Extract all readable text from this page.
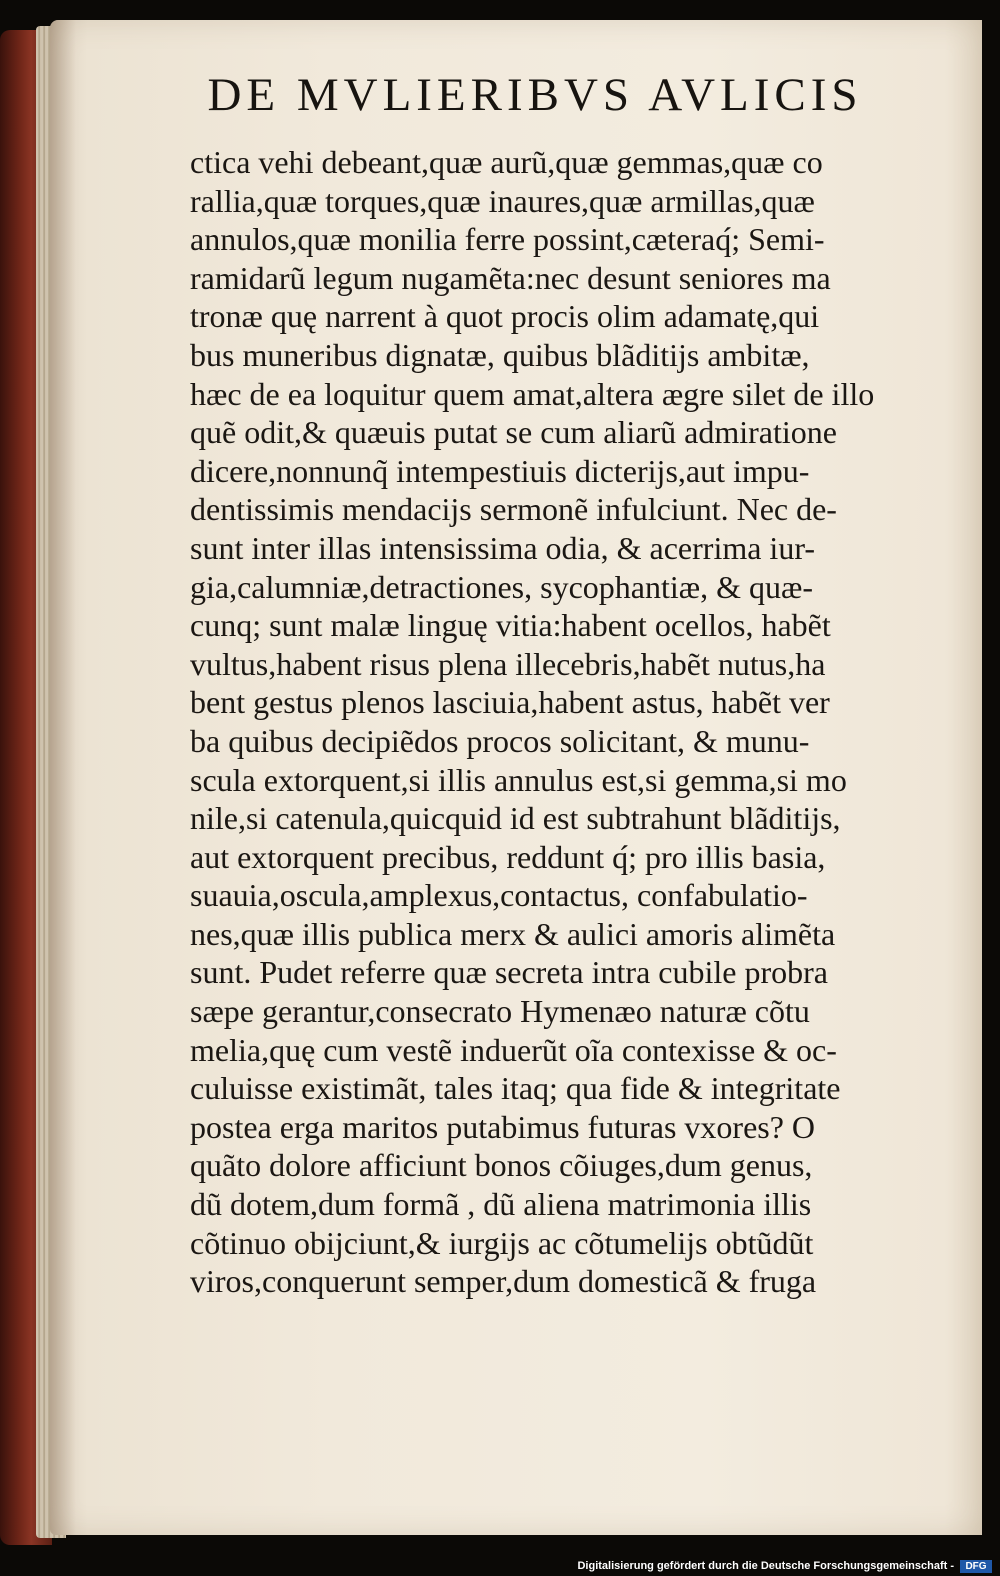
DE MVLIERIBVS AVLICIS
ctica vehi debeant,quæ aurũ,quæ gemmas,quæ co
rallia,quæ torques,quæ inaures,quæ armillas,quæ
annulos,quæ monilia ferre possint,cæteraq́; Semi-
ramidarũ legum nugamẽta:nec desunt seniores ma
tronæ quę narrent à quot procis olim adamatę,qui
bus muneribus dignatæ, quibus blãditijs ambitæ,
hæc de ea loquitur quem amat,altera ægre silet de illo
quẽ odit,& quæuis putat se cum aliarũ admiratione
dicere,nonnunq̃ intempestiuis dicterijs,aut impu-
dentissimis mendacijs sermonẽ infulciunt. Nec de-
sunt inter illas intensissima odia, & acerrima iur-
gia,calumniæ,detractiones, sycophantiæ, & quæ-
cunq; sunt malæ linguę vitia:habent ocellos, habẽt
vultus,habent risus plena illecebris,habẽt nutus,ha
bent gestus plenos lasciuia,habent astus, habẽt ver
ba quibus decipiẽdos procos solicitant, & munu-
scula extorquent,si illis annulus est,si gemma,si mo
nile,si catenula,quicquid id est subtrahunt blãditijs,
aut extorquent precibus, reddunt q́; pro illis basia,
suauia,oscula,amplexus,contactus, confabulatio-
nes,quæ illis publica merx & aulici amoris alimẽta
sunt. Pudet referre quæ secreta intra cubile probra
sæpe gerantur,consecrato Hymenæo naturæ cõtu
melia,quę cum vestẽ induerũt oĩa contexisse & oc-
culuisse existimãt, tales itaq; qua fide & integritate
postea erga maritos putabimus futuras vxores? O
quãto dolore afficiunt bonos cõiuges,dum genus,
dũ dotem,dum formã , dũ aliena matrimonia illis
cõtinuo obijciunt,& iurgijs ac cõtumelijs obtũdũt
viros,conquerunt semper,dum domesticã & fruga
Digitalisierung gefördert durch die Deutsche Forschungsgemeinschaft -	DFG
